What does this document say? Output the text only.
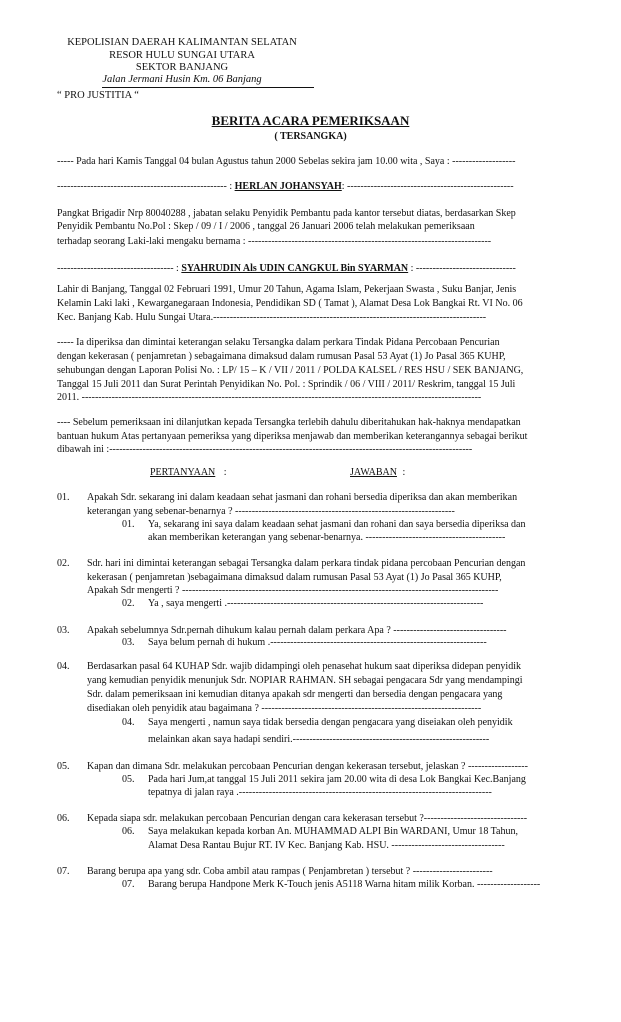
KEPOLISIAN DAERAH KALIMANTAN SELATAN
RESOR HULU SUNGAI UTARA
SEKTOR BANJANG
Jalan Jermani Husin Km. 06 Banjang
“ PRO JUSTITIA “
BERITA ACARA PEMERIKSAAN
( TERSANGKA)
----- Pada hari Kamis Tanggal 04 bulan Agustus tahun 2000 Sebelas sekira jam 10.00 wita , Saya : -------------------
--------------------------------------------------- : HERLAN JOHANSYAH: --------------------------------------------------
Pangkat Brigadir Nrp 80040288 , jabatan selaku Penyidik Pembantu pada kantor tersebut diatas, berdasarkan Skep
Penyidik Pembantu No.Pol : Skep / 09 / I / 2006 , tanggal 26 Januari 2006 telah melakukan pemeriksaan
terhadap seorang Laki-laki mengaku bernama : -------------------------------------------------------------------------
----------------------------------- : SYAHRUDIN Als UDIN CANGKUL Bin SYARMAN : ------------------------------
Lahir di Banjang, Tanggal 02 Februari 1991, Umur 20 Tahun, Agama Islam, Pekerjaan Swasta , Suku Banjar, Jenis
Kelamin Laki laki , Kewarganegaraan Indonesia, Pendidikan SD ( Tamat ), Alamat Desa Lok Bangkai Rt. VI No. 06
Kec. Banjang Kab. Hulu Sungai Utara.----------------------------------------------------------------------------------
----- Ia diperiksa dan dimintai keterangan selaku Tersangka dalam perkara Tindak Pidana Percobaan Pencurian
dengan kekerasan ( penjamretan ) sebagaimana dimaksud dalam rumusan Pasal 53 Ayat (1) Jo Pasal 365 KUHP,
sehubungan dengan Laporan Polisi No. : LP/ 15 – K / VII / 2011 / POLDA KALSEL / RES HSU / SEK BANJANG,
Tanggal 15 Juli 2011 dan Surat Perintah Penyidikan No. Pol. : Sprindik / 06 / VIII / 2011/ Reskrim, tanggal 15 Juli
2011. ------------------------------------------------------------------------------------------------------------------------
---- Sebelum pemeriksaan ini dilanjutkan kepada Tersangka terlebih dahulu diberitahukan hak-haknya mendapatkan
bantuan hukum Atas pertanyaan pemeriksa yang diperiksa menjawab dan memberikan keterangannya sebagai berikut
dibawah ini :-------------------------------------------------------------------------------------------------------------
PERTANYAAN :	JAWABAN :
01. Apakah Sdr. sekarang ini dalam keadaan sehat jasmani dan rohani bersedia diperiksa dan akan memberikan
keterangan yang sebenar-benarnya ? ------------------------------------------------------------------
01. Ya, sekarang ini saya dalam keadaan sehat jasmani dan rohani dan saya bersedia diperiksa dan
akan memberikan keterangan yang sebenar-benarnya. ------------------------------------------
02. Sdr. hari ini dimintai keterangan sebagai Tersangka dalam perkara tindak pidana percobaan Pencurian dengan
kekerasan ( penjamretan )sebagaimana dimaksud dalam rumusan Pasal 53 Ayat (1) Jo Pasal 365 KUHP,
Apakah Sdr mengerti ? -----------------------------------------------------------------------------------------------
02. Ya , saya mengerti .-----------------------------------------------------------------------------
03. Apakah sebelumnya Sdr.pernah dihukum kalau pernah dalam perkara Apa ? ----------------------------------
03. Saya belum pernah di hukum .-----------------------------------------------------------------
04. Berdasarkan pasal 64 KUHAP Sdr. wajib didampingi oleh penasehat hukum saat diperiksa didepan penyidik
yang kemudian penyidik menunjuk Sdr. NOPIAR RAHMAN. SH sebagai pengacara Sdr yang mendampingi
Sdr. dalam pemeriksaan ini kemudian ditanya apakah sdr mengerti dan bersedia dengan pengacara yang
disediakan oleh penyidik atau bagaimana ? ------------------------------------------------------------------
04. Saya mengerti , namun saya tidak bersedia dengan pengacara yang diseiakan oleh penyidik
melainkan akan saya hadapi sendiri.-----------------------------------------------------------
05. Kapan dan dimana Sdr. melakukan percobaan Pencurian dengan kekerasan tersebut, jelaskan ? ------------------
05. Pada hari Jum,at tanggal 15 Juli 2011 sekira jam 20.00 wita di desa Lok Bangkai Kec.Banjang
tepatnya di jalan raya .----------------------------------------------------------------------------
06. Kepada siapa sdr. melakukan percobaan Pencurian dengan cara kekerasan tersebut ?-------------------------------
06. Saya melakukan kepada korban An. MUHAMMAD ALPI Bin WARDANI, Umur 18 Tahun,
Alamat Desa Rantau Bujur RT. IV Kec. Banjang Kab. HSU. ----------------------------------
07. Barang berupa apa yang sdr. Coba ambil atau rampas ( Penjambretan ) tersebut ? ------------------------
07. Barang berupa Handpone Merk K-Touch jenis A5118 Warna hitam milik Korban. -------------------
